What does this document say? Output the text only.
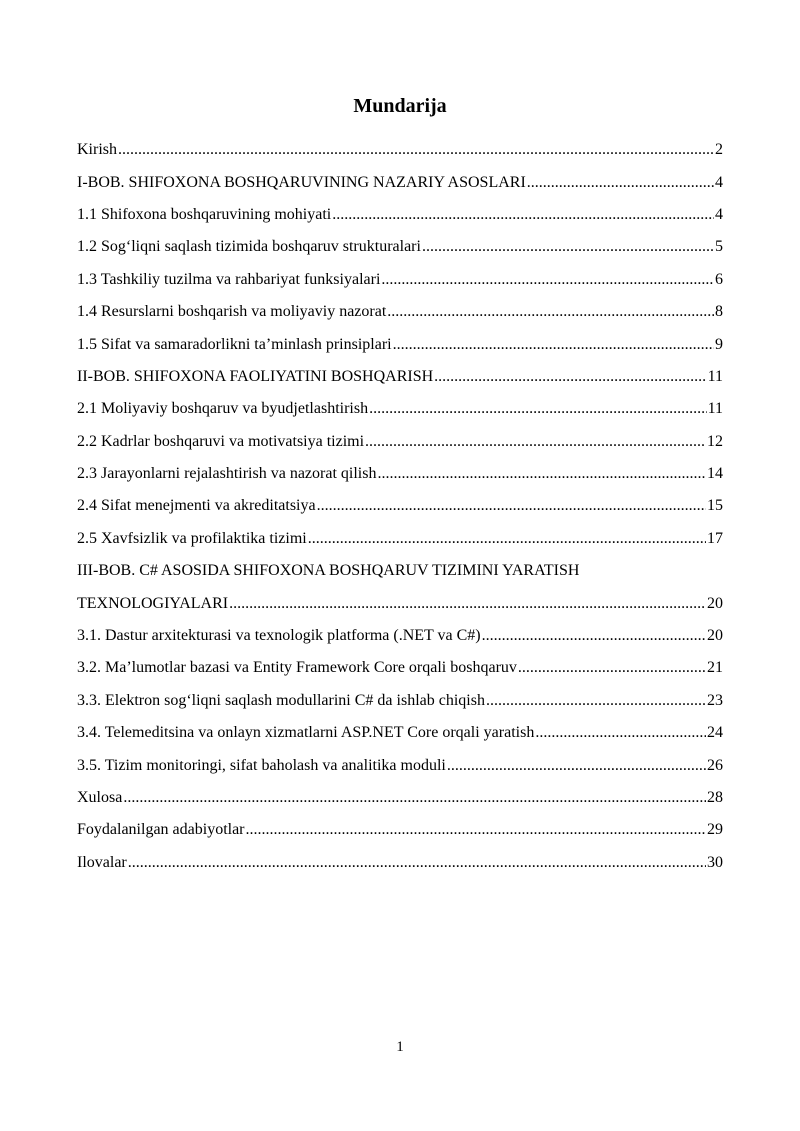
Mundarija
Kirish .....	2
I-BOB. SHIFOXONA BOSHQARUVINING NAZARIY ASOSLARI .....	4
1.1 Shifoxona boshqaruvining mohiyati .....	4
1.2 Sog‘liqni saqlash tizimida boshqaruv strukturalari .....	5
1.3 Tashkiliy tuzilma va rahbariyat funksiyalari .....	6
1.4 Resurslarni boshqarish va moliyaviy nazorat .....	8
1.5 Sifat va samaradorlikni ta’minlash prinsiplari .....	9
II-BOB. SHIFOXONA FAOLIYATINI BOSHQARISH .....	11
2.1 Moliyaviy boshqaruv va byudjetlashtirish .....	11
2.2 Kadrlar boshqaruvi va motivatsiya tizimi .....	12
2.3 Jarayonlarni rejalashtirish va nazorat qilish .....	14
2.4 Sifat menejmenti va akreditatsiya .....	15
2.5 Xavfsizlik va profilaktika tizimi .....	17
III-BOB. C# ASOSIDA SHIFOXONA BOSHQARUV TIZIMINI YARATISH
TEXNOLOGIYALARI .....	20
3.1. Dastur arxitekturasi va texnologik platforma (.NET va C#) .....	20
3.2. Ma’lumotlar bazasi va Entity Framework Core orqali boshqaruv .....	21
3.3. Elektron sog‘liqni saqlash modullarini C# da ishlab chiqish .....	23
3.4. Telemeditsina va onlayn xizmatlarni ASP.NET Core orqali yaratish .....	24
3.5. Tizim monitoringi, sifat baholash va analitika moduli .....	26
Xulosa .....	28
Foydalanilgan adabiyotlar .....	29
Ilovalar .....	30
1
